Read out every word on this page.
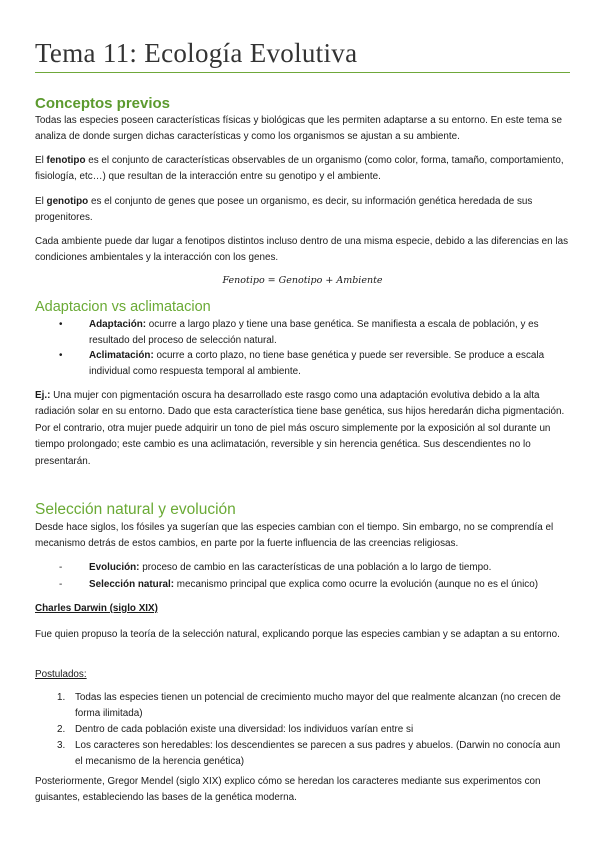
Tema 11: Ecología Evolutiva
Conceptos previos

Todas las especies poseen características físicas y biológicas que les permiten adaptarse a su entorno. En este tema se analiza de donde surgen dichas características y como los organismos se ajustan a su ambiente.

El fenotipo es el conjunto de características observables de un organismo (como color, forma, tamaño, comportamiento, fisiología, etc…) que resultan de la interacción entre su genotipo y el ambiente.

El genotipo es el conjunto de genes que posee un organismo, es decir, su información genética heredada de sus progenitores.

Cada ambiente puede dar lugar a fenotipos distintos incluso dentro de una misma especie, debido a las diferencias en las condiciones ambientales y la interacción con los genes.

Fenotipo = Genotipo + Ambiente
Adaptacion vs aclimatacion
•	Adaptación: ocurre a largo plazo y tiene una base genética. Se manifiesta a escala de población, y es resultado del proceso de selección natural.
•	Aclimatación: ocurre a corto plazo, no tiene base genética y puede ser reversible. Se produce a escala individual como respuesta temporal al ambiente.

Ej.: Una mujer con pigmentación oscura ha desarrollado este rasgo como una adaptación evolutiva debido a la alta radiación solar en su entorno. Dado que esta característica tiene base genética, sus hijos heredarán dicha pigmentación.
Por el contrario, otra mujer puede adquirir un tono de piel más oscuro simplemente por la exposición al sol durante un tiempo prolongado; este cambio es una aclimatación, reversible y sin herencia genética. Sus descendientes no lo presentarán.

Selección natural y evolución

Desde hace siglos, los fósiles ya sugerían que las especies cambian con el tiempo. Sin embargo, no se comprendía el mecanismo detrás de estos cambios, en parte por la fuerte influencia de las creencias religiosas.

-	Evolución: proceso de cambio en las características de una población a lo largo de tiempo.
-	Selección natural: mecanismo principal que explica como ocurre la evolución (aunque no es el único)

Charles Darwin (siglo XIX)

Fue quien propuso la teoría de la selección natural, explicando porque las especies cambian y se adaptan a su entorno.

Postulados:

1. Todas las especies tienen un potencial de crecimiento mucho mayor del que realmente alcanzan (no crecen de forma ilimitada)
2. Dentro de cada población existe una diversidad: los individuos varían entre si
3. Los caracteres son heredables: los descendientes se parecen a sus padres y abuelos. (Darwin no conocía aun el mecanismo de la herencia genética)

Posteriormente, Gregor Mendel (siglo XIX) explico cómo se heredan los caracteres mediante sus experimentos con guisantes, estableciendo las bases de la genética moderna.
